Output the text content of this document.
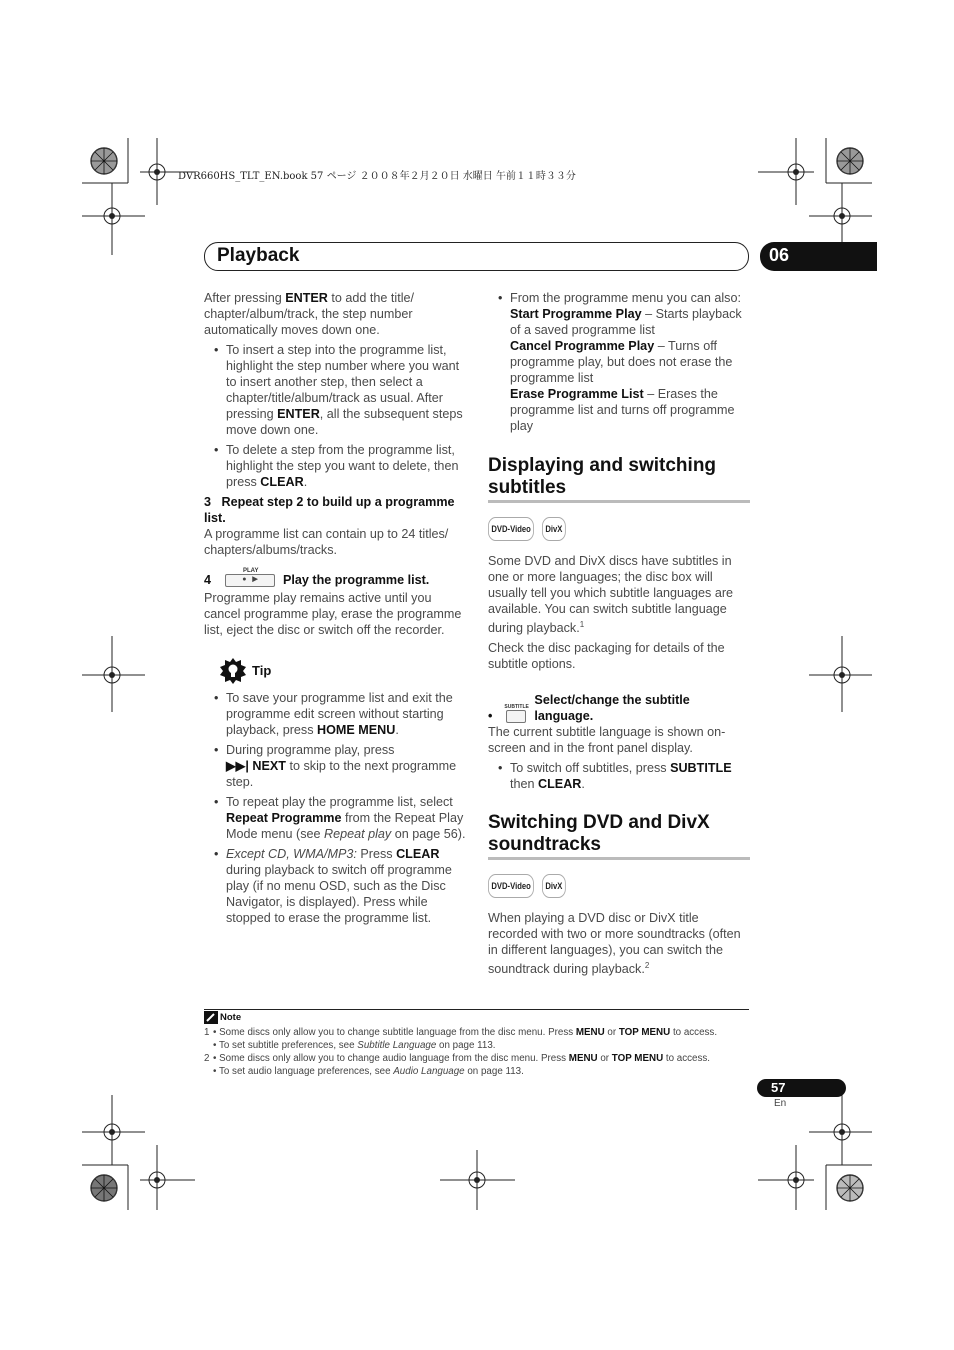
DVR660HS_TLT_EN.book 57 ページ ２００８年２月２０日 水曜日 午前１１時３３分
Playback	06

After pressing ENTER to add the title/ chapter/album/track, the step number automatically moves down one.

• To insert a step into the programme list, highlight the step number where you want to insert another step, then select a chapter/title/album/track as usual. After pressing ENTER, all the subsequent steps move down one.
• To delete a step from the programme list, highlight the step you want to delete, then press CLEAR.
3 Repeat step 2 to build up a programme list.
A programme list can contain up to 24 titles/ chapters/albums/tracks.
4
PLAY
●   ▶	Play the programme list.
Programme play remains active until you cancel programme play, erase the programme list, eject the disc or switch off the recorder.
Tip
• To save your programme list and exit the programme edit screen without starting playback, press HOME MENU.
• During programme play, press
▶▶| NEXT to skip to the next programme step.
• To repeat play the programme list, select Repeat Programme from the Repeat Play Mode menu (see Repeat play on page 56).
• Except CD, WMA/MP3: Press CLEAR during playback to switch off programme play (if no menu OSD, such as the Disc Navigator, is displayed). Press while stopped to erase the programme list.
• From the programme menu you can also:
Start Programme Play – Starts playback of a saved programme list
Cancel Programme Play – Turns off programme play, but does not erase the programme list
Erase Programme List – Erases the programme list and turns off programme play
Displaying and switching subtitles
DVD-Video DivX

Some DVD and DivX discs have subtitles in one or more languages; the disc box will usually tell you which subtitle languages are available. You can switch subtitle language during playback.$^1$

Check the disc packaging for details of the subtitle options.

•
SUBTITLE Select/change the subtitle language.
The current subtitle language is shown on-screen and in the front panel display.
• To switch off subtitles, press SUBTITLE then CLEAR.
Switching DVD and DivX soundtracks
DVD-Video DivX

When playing a DVD disc or DivX title recorded with two or more soundtracks (often in different languages), you can switch the soundtrack during playback.$^2$

Note
1 • Some discs only allow you to change subtitle language from the disc menu. Press MENU or TOP MENU to access.
• To set subtitle preferences, see Subtitle Language on page 113.
2 • Some discs only allow you to change audio language from the disc menu. Press MENU or TOP MENU to access.
• To set audio language preferences, see Audio Language on page 113.
57
En
